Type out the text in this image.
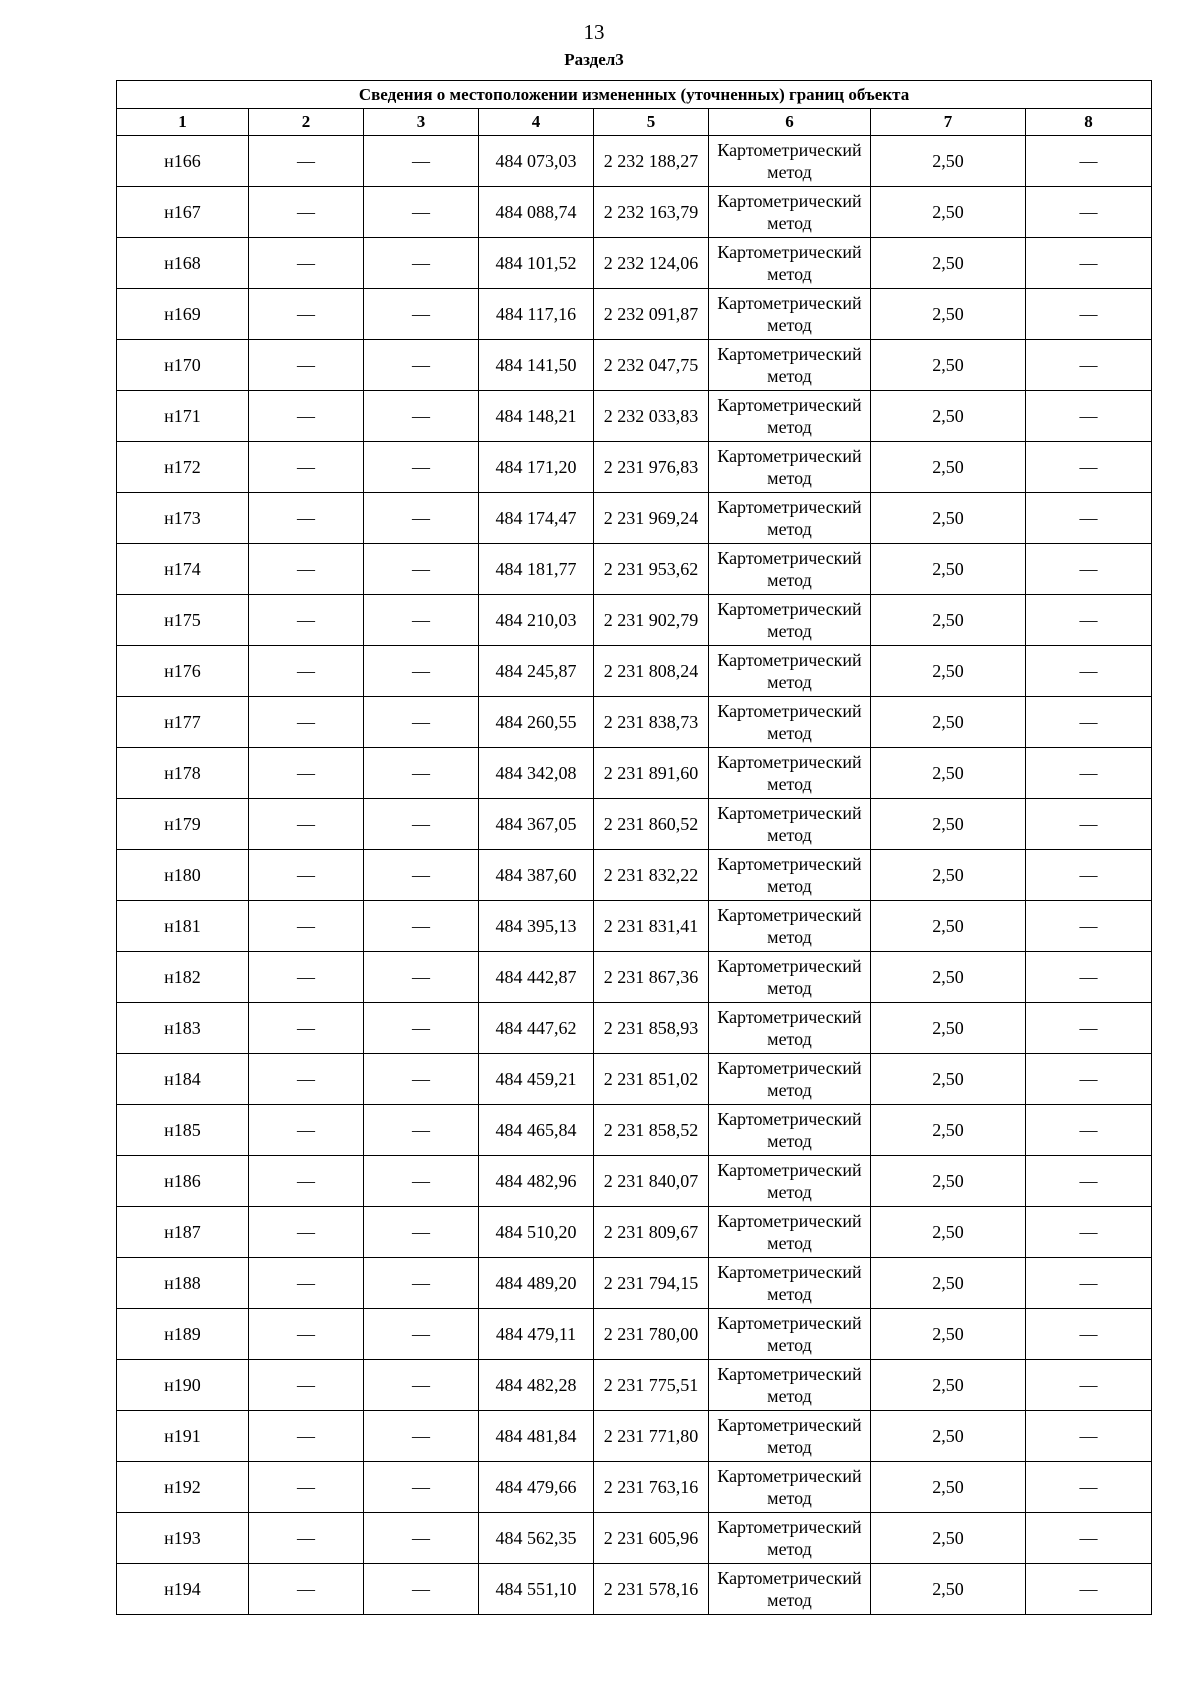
13
Раздел3
Сведения о местоположении измененных (уточненных) границ объекта							
1	2	3	4	5	6	7	8
н166	—	—	484 073,03	2 232 188,27	Картометрический метод	2,50	—
н167	—	—	484 088,74	2 232 163,79	Картометрический метод	2,50	—
н168	—	—	484 101,52	2 232 124,06	Картометрический метод	2,50	—
н169	—	—	484 117,16	2 232 091,87	Картометрический метод	2,50	—
н170	—	—	484 141,50	2 232 047,75	Картометрический метод	2,50	—
н171	—	—	484 148,21	2 232 033,83	Картометрический метод	2,50	—
н172	—	—	484 171,20	2 231 976,83	Картометрический метод	2,50	—
н173	—	—	484 174,47	2 231 969,24	Картометрический метод	2,50	—
н174	—	—	484 181,77	2 231 953,62	Картометрический метод	2,50	—
н175	—	—	484 210,03	2 231 902,79	Картометрический метод	2,50	—
н176	—	—	484 245,87	2 231 808,24	Картометрический метод	2,50	—
н177	—	—	484 260,55	2 231 838,73	Картометрический метод	2,50	—
н178	—	—	484 342,08	2 231 891,60	Картометрический метод	2,50	—
н179	—	—	484 367,05	2 231 860,52	Картометрический метод	2,50	—
н180	—	—	484 387,60	2 231 832,22	Картометрический метод	2,50	—
н181	—	—	484 395,13	2 231 831,41	Картометрический метод	2,50	—
н182	—	—	484 442,87	2 231 867,36	Картометрический метод	2,50	—
н183	—	—	484 447,62	2 231 858,93	Картометрический метод	2,50	—
н184	—	—	484 459,21	2 231 851,02	Картометрический метод	2,50	—
н185	—	—	484 465,84	2 231 858,52	Картометрический метод	2,50	—
н186	—	—	484 482,96	2 231 840,07	Картометрический метод	2,50	—
н187	—	—	484 510,20	2 231 809,67	Картометрический метод	2,50	—
н188	—	—	484 489,20	2 231 794,15	Картометрический метод	2,50	—
н189	—	—	484 479,11	2 231 780,00	Картометрический метод	2,50	—
н190	—	—	484 482,28	2 231 775,51	Картометрический метод	2,50	—
н191	—	—	484 481,84	2 231 771,80	Картометрический метод	2,50	—
н192	—	—	484 479,66	2 231 763,16	Картометрический метод	2,50	—
н193	—	—	484 562,35	2 231 605,96	Картометрический метод	2,50	—
н194	—	—	484 551,10	2 231 578,16	Картометрический метод	2,50	—
